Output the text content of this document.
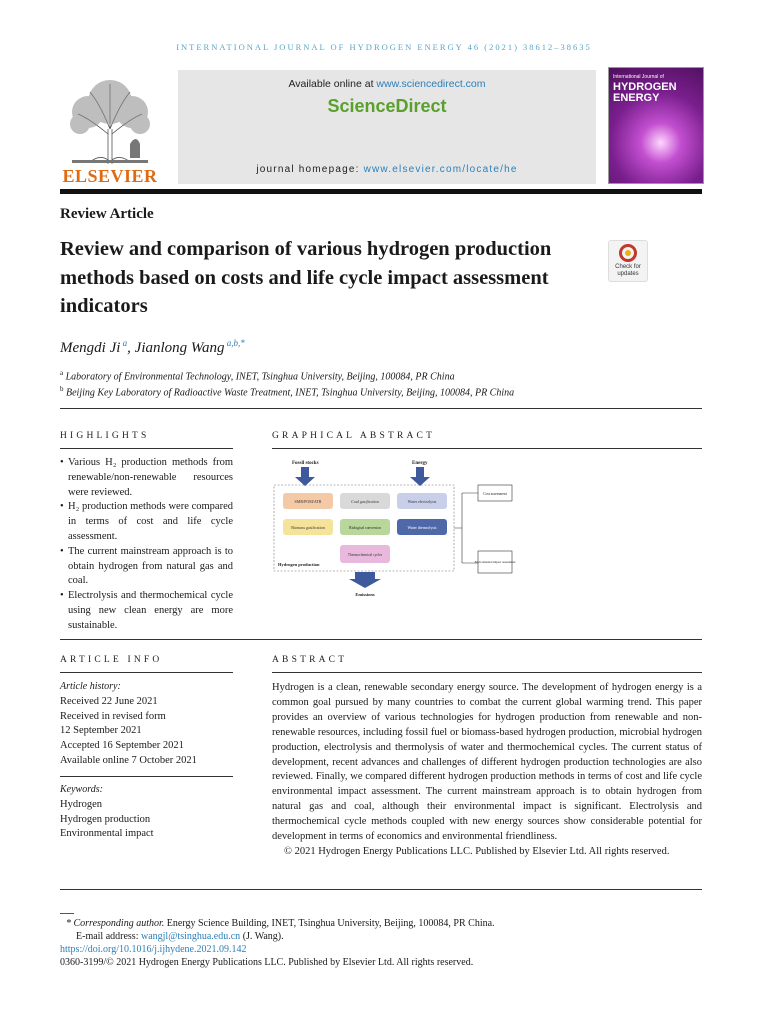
INTERNATIONAL JOURNAL OF HYDROGEN ENERGY 46 (2021) 38612–38635
ELSEVIER
Available online at www.sciencedirect.com
ScienceDirect
journal homepage: www.elsevier.com/locate/he
International Journal of
HYDROGEN
ENERGY
Review Article
Review and comparison of various hydrogen production methods based on costs and life cycle impact assessment indicators
Check for updates
Mengdi Ji $^a$, Jianlong Wang $^{a,b,*}$
$^a$ Laboratory of Environmental Technology, INET, Tsinghua University, Beijing, 100084, PR China
$^b$ Beijing Key Laboratory of Radioactive Waste Treatment, INET, Tsinghua University, Beijing, 100084, PR China
HIGHLIGHTS
• Various H₂ production methods from renewable/non-renewable resources were reviewed.
• H₂ production methods were compared in terms of cost and life cycle assessment.
• The current mainstream approach is to obtain hydrogen from natural gas and coal.
• Electrolysis and thermochemical cycle using new clean energy are more sustainable.
GRAPHICAL ABSTRACT
Fossil stocks	Energy
SMR/POM/ATR	Coal gasification	Water electrolysis
Biomass gasification	Biological conversion	Water thermolysis
Thermochemical cycles
Hydrogen production
Cost assessment
Environmental impact assessment
Emissions
ARTICLE INFO
Article history:
Received 22 June 2021
Received in revised form
12 September 2021
Accepted 16 September 2021
Available online 7 October 2021
Keywords:
Hydrogen
Hydrogen production
Environmental impact
ABSTRACT
Hydrogen is a clean, renewable secondary energy source. The development of hydrogen energy is a common goal pursued by many countries to combat the current global warming trend. This paper provides an overview of various technologies for hydrogen production from renewable and non-renewable resources, including fossil fuel or biomass-based hydrogen production, microbial hydrogen production, electrolysis and thermolysis of water and thermochemical cycles. The current status of development, recent advances and challenges of different hydrogen production technologies are also reviewed. Finally, we compared different hydrogen production methods in terms of cost and life cycle environmental impact assessment. The current mainstream approach is to obtain hydrogen from natural gas and coal, although their environmental impact is significant. Electrolysis and thermochemical cycle methods coupled with new energy sources show considerable potential for development in terms of economics and environmental friendliness.
© 2021 Hydrogen Energy Publications LLC. Published by Elsevier Ltd. All rights reserved.
* Corresponding author. Energy Science Building, INET, Tsinghua University, Beijing, 100084, PR China.
E-mail address: wangjl@tsinghua.edu.cn (J. Wang).
https://doi.org/10.1016/j.ijhydene.2021.09.142
0360-3199/© 2021 Hydrogen Energy Publications LLC. Published by Elsevier Ltd. All rights reserved.
